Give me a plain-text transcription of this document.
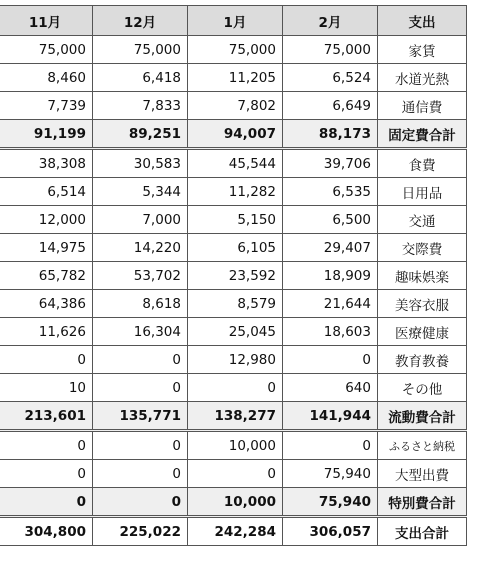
	11月	12月	1月	2月	支出
	75,000	75,000	75,000	75,000	家賃
	8,460	6,418	11,205	6,524	水道光熱
	7,739	7,833	7,802	6,649	通信費
	91,199	89,251	94,007	88,173	固定費合計
	38,308	30,583	45,544	39,706	食費
	6,514	5,344	11,282	6,535	日用品
	12,000	7,000	5,150	6,500	交通
	14,975	14,220	6,105	29,407	交際費
	65,782	53,702	23,592	18,909	趣味娯楽
	64,386	8,618	8,579	21,644	美容衣服
	11,626	16,304	25,045	18,603	医療健康
	0	0	12,980	0	教育教養
	10	0	0	640	その他
	213,601	135,771	138,277	141,944	流動費合計
	0	0	10,000	0	ふるさと納税
	0	0	0	75,940	大型出費
	0	0	10,000	75,940	特別費合計
	304,800	225,022	242,284	306,057	支出合計
